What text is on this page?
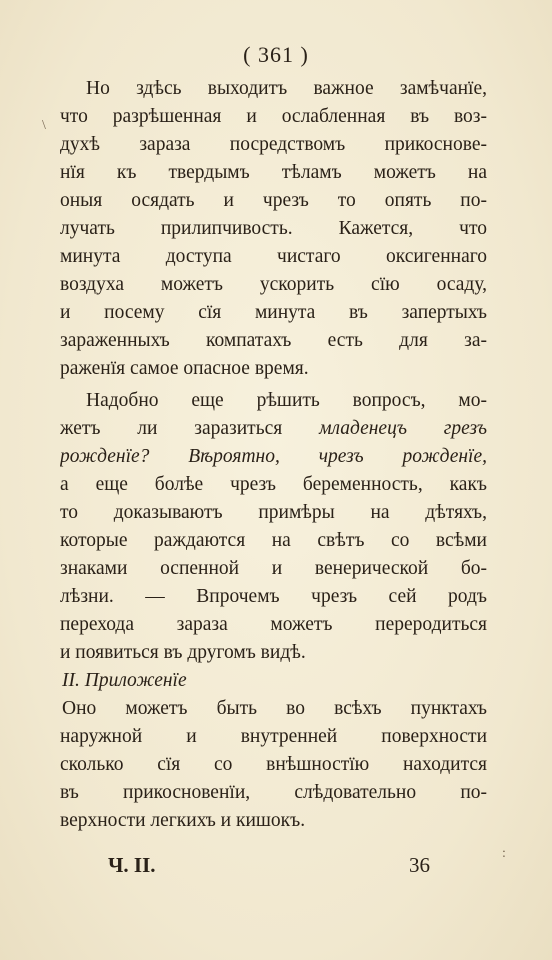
( 361 )
Но здѣсь выходитъ важное замѣчанїе,
что разрѣшенная и ослабленная въ воз-
духѣ зараза посредствомъ прикоснове-
нїя къ твердымъ тѣламъ можетъ на
оныя осядать и чрезъ то опять по-
лучать прилипчивость. Кажется, что
минута доступа чистаго оксигеннаго
воздуха можетъ ускорить сїю осаду,
и посему сїя минута въ запертыхъ
зараженныхъ компатахъ есть для за-
раженїя самое опасное время.
Надобно еще рѣшить вопросъ, мо-
жетъ ли заразиться младенецъ грезъ
рожденїе? Вѣроятно, чрезъ рожденїе,
а еще болѣе чрезъ беременность, какъ
то доказываютъ примѣры на дѣтяхъ,
которые раждаются на свѣтъ со всѣми
знаками оспенной и венерической бо-
лѣзни. — Впрочемъ чрезъ сей родъ
перехода зараза можетъ переродиться
и появиться въ другомъ видѣ.
II. Приложенїе
Оно можетъ быть во всѣхъ пунктахъ
наружной и внутренней поверхности
сколько сїя со внѣшностїю находится
въ прикосновенїи, слѣдовательно по-
верхности легкихъ и кишокъ.
Ч. II.	36
\
:
